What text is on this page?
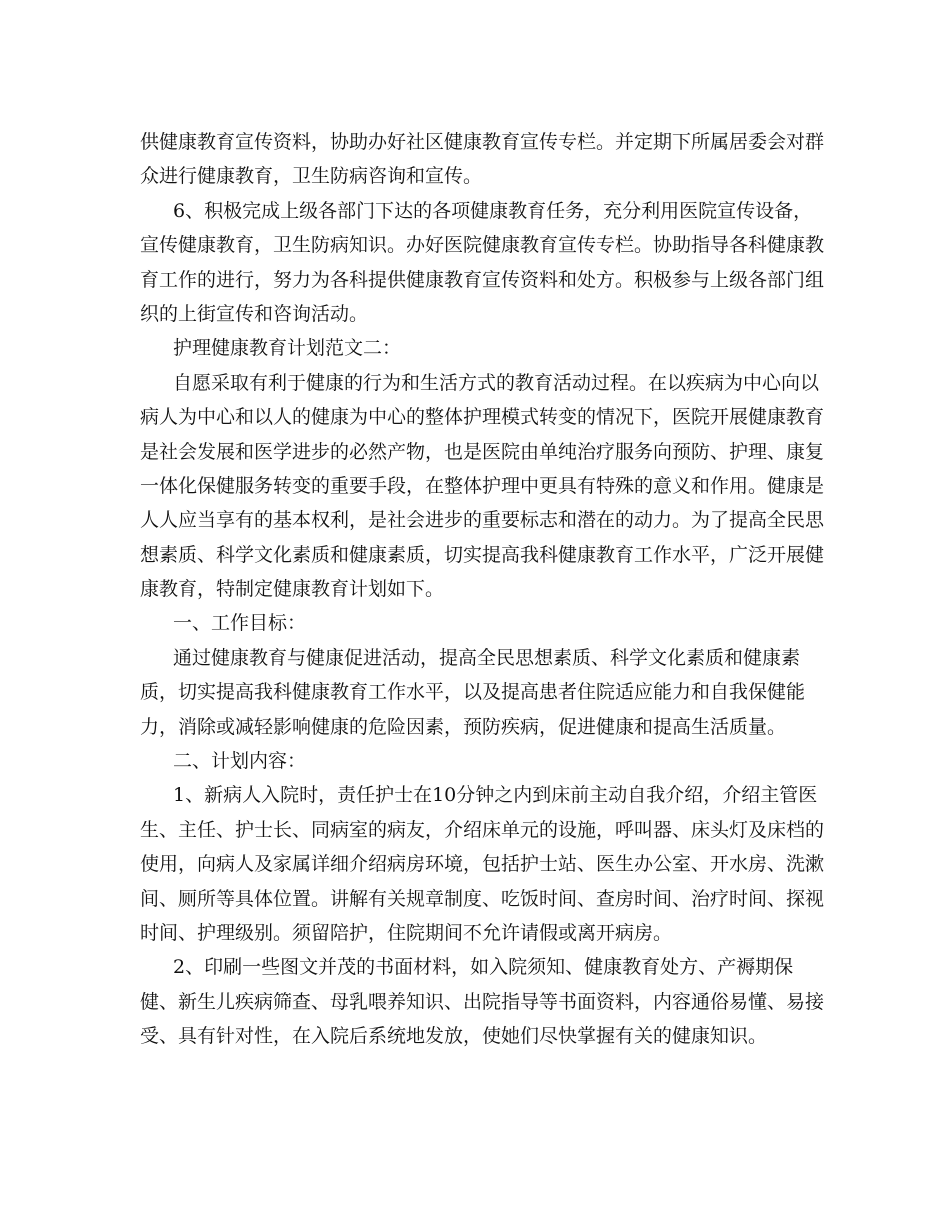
供健康教育宣传资料，协助办好社区健康教育宣传专栏。并定期下所属居委会对群
众进行健康教育，卫生防病咨询和宣传。
6、积极完成上级各部门下达的各项健康教育任务，充分利用医院宣传设备，
宣传健康教育，卫生防病知识。办好医院健康教育宣传专栏。协助指导各科健康教
育工作的进行，努力为各科提供健康教育宣传资料和处方。积极参与上级各部门组
织的上街宣传和咨询活动。
护理健康教育计划范文二：
自愿采取有利于健康的行为和生活方式的教育活动过程。在以疾病为中心向以
病人为中心和以人的健康为中心的整体护理模式转变的情况下，医院开展健康教育
是社会发展和医学进步的必然产物，也是医院由单纯治疗服务向预防、护理、康复
一体化保健服务转变的重要手段，在整体护理中更具有特殊的意义和作用。健康是
人人应当享有的基本权利，是社会进步的重要标志和潜在的动力。为了提高全民思
想素质、科学文化素质和健康素质，切实提高我科健康教育工作水平，广泛开展健
康教育，特制定健康教育计划如下。
一、工作目标：
通过健康教育与健康促进活动，提高全民思想素质、科学文化素质和健康素
质，切实提高我科健康教育工作水平，以及提高患者住院适应能力和自我保健能
力，消除或减轻影响健康的危险因素，预防疾病，促进健康和提高生活质量。
二、计划内容：
1、新病人入院时，责任护士在10分钟之内到床前主动自我介绍，介绍主管医
生、主任、护士长、同病室的病友，介绍床单元的设施，呼叫器、床头灯及床档的
使用，向病人及家属详细介绍病房环境，包括护士站、医生办公室、开水房、洗漱
间、厕所等具体位置。讲解有关规章制度、吃饭时间、查房时间、治疗时间、探视
时间、护理级别。须留陪护，住院期间不允许请假或离开病房。
2、印刷一些图文并茂的书面材料，如入院须知、健康教育处方、产褥期保
健、新生儿疾病筛查、母乳喂养知识、出院指导等书面资料，内容通俗易懂、易接
受、具有针对性，在入院后系统地发放，使她们尽快掌握有关的健康知识。
